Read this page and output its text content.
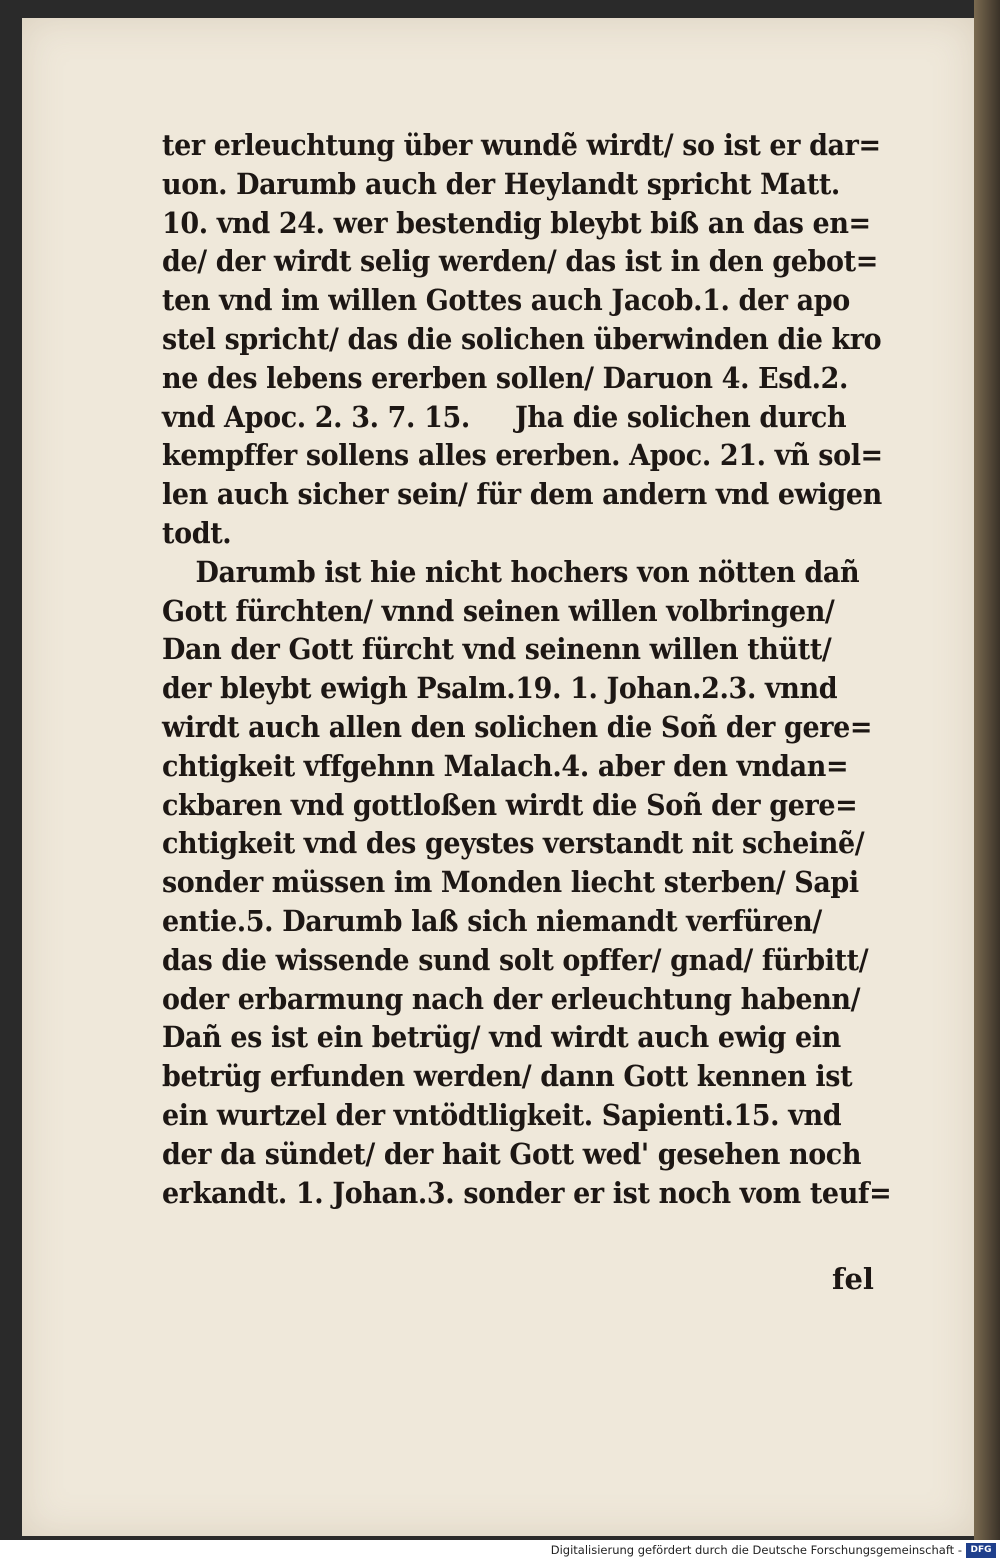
ter erleuchtung über wundẽ wirdt/ so ist er dar=
uon. Darumb auch der Heylandt spricht Matt.
10. vnd 24. wer bestendig bleybt biß an das en=
de/ der wirdt selig werden/ das ist in den gebot=
ten vnd im willen Gottes auch Jacob.1. der apo
stel spricht/ das die solichen überwinden die kro
ne des lebens ererben sollen/ Daruon 4. Esd.2.
vnd Apoc. 2. 3. 7. 15.     Jha die solichen durch
kempffer sollens alles ererben. Apoc. 21. vñ sol=
len auch sicher sein/ für dem andern vnd ewigen
todt.
Darumb ist hie nicht hochers von nötten dañ
Gott fürchten/ vnnd seinen willen volbringen/
Dan der Gott fürcht vnd seinenn willen thütt/
der bleybt ewigh Psalm.19. 1. Johan.2.3. vnnd
wirdt auch allen den solichen die Soñ der gere=
chtigkeit vffgehnn Malach.4. aber den vndan=
ckbaren vnd gottloßen wirdt die Soñ der gere=
chtigkeit vnd des geystes verstandt nit scheinẽ/
sonder müssen im Monden liecht sterben/ Sapi
entie.5. Darumb laß sich niemandt verfüren/
das die wissende sund solt opffer/ gnad/ fürbitt/
oder erbarmung nach der erleuchtung habenn/
Dañ es ist ein betrüg/ vnd wirdt auch ewig ein
betrüg erfunden werden/ dann Gott kennen ist
ein wurtzel der vntödtligkeit. Sapienti.15. vnd
der da sündet/ der hait Gott wed' gesehen noch
erkandt. 1. Johan.3. sonder er ist noch vom teuf=
fel
Digitalisierung gefördert durch die Deutsche Forschungsgemeinschaft - DFG
